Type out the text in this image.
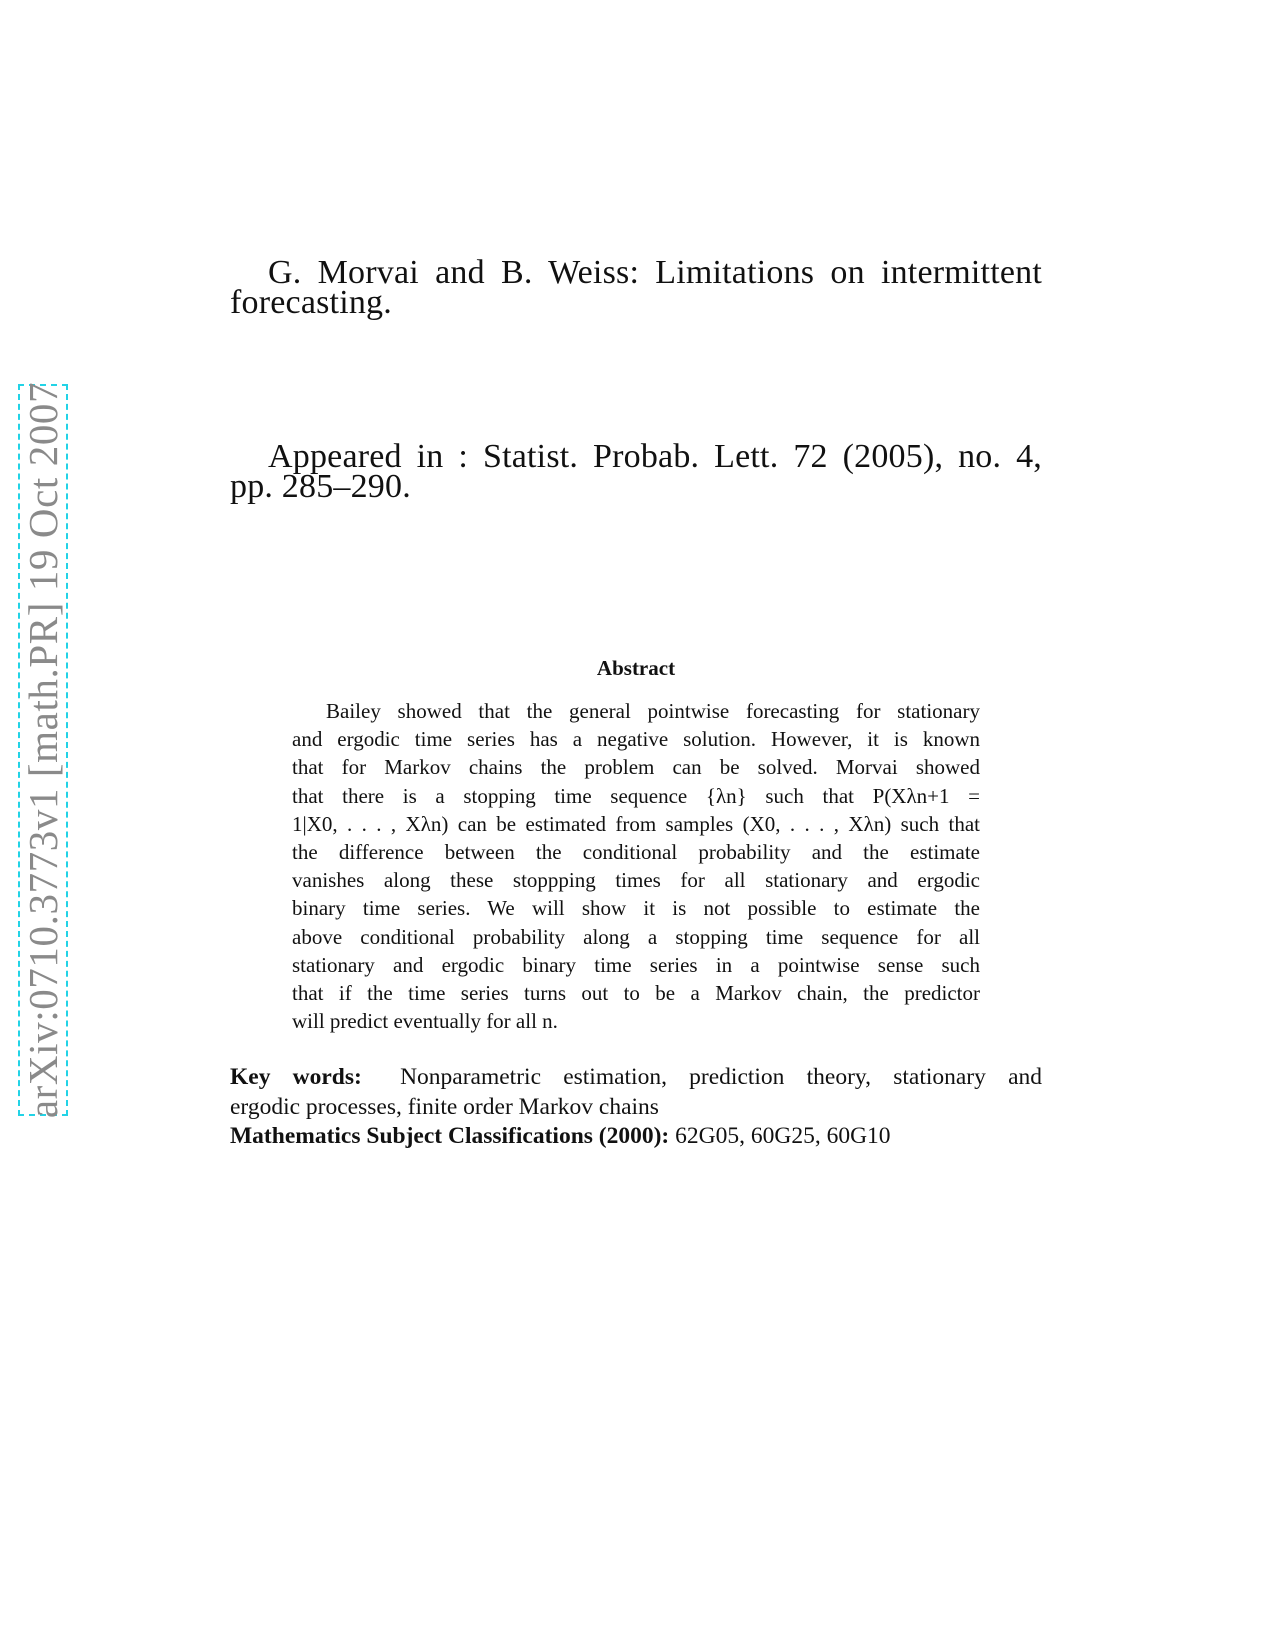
arXiv:0710.3773v1 [math.PR] 19 Oct 2007
G. Morvai and B. Weiss: Limitations on intermittent
forecasting.
Appeared in : Statist. Probab. Lett. 72 (2005), no. 4,
pp. 285–290.
Abstract
Bailey showed that the general pointwise forecasting for stationary
and ergodic time series has a negative solution. However, it is known
that for Markov chains the problem can be solved. Morvai showed
that there is a stopping time sequence {λn} such that P(Xλn+1 =
1|X0, . . . , Xλn) can be estimated from samples (X0, . . . , Xλn) such that
the difference between the conditional probability and the estimate
vanishes along these stoppping times for all stationary and ergodic
binary time series. We will show it is not possible to estimate the
above conditional probability along a stopping time sequence for all
stationary and ergodic binary time series in a pointwise sense such
that if the time series turns out to be a Markov chain, the predictor
will predict eventually for all n.
Key words: Nonparametric estimation, prediction theory, stationary and
ergodic processes, finite order Markov chains
Mathematics Subject Classifications (2000): 62G05, 60G25, 60G10
